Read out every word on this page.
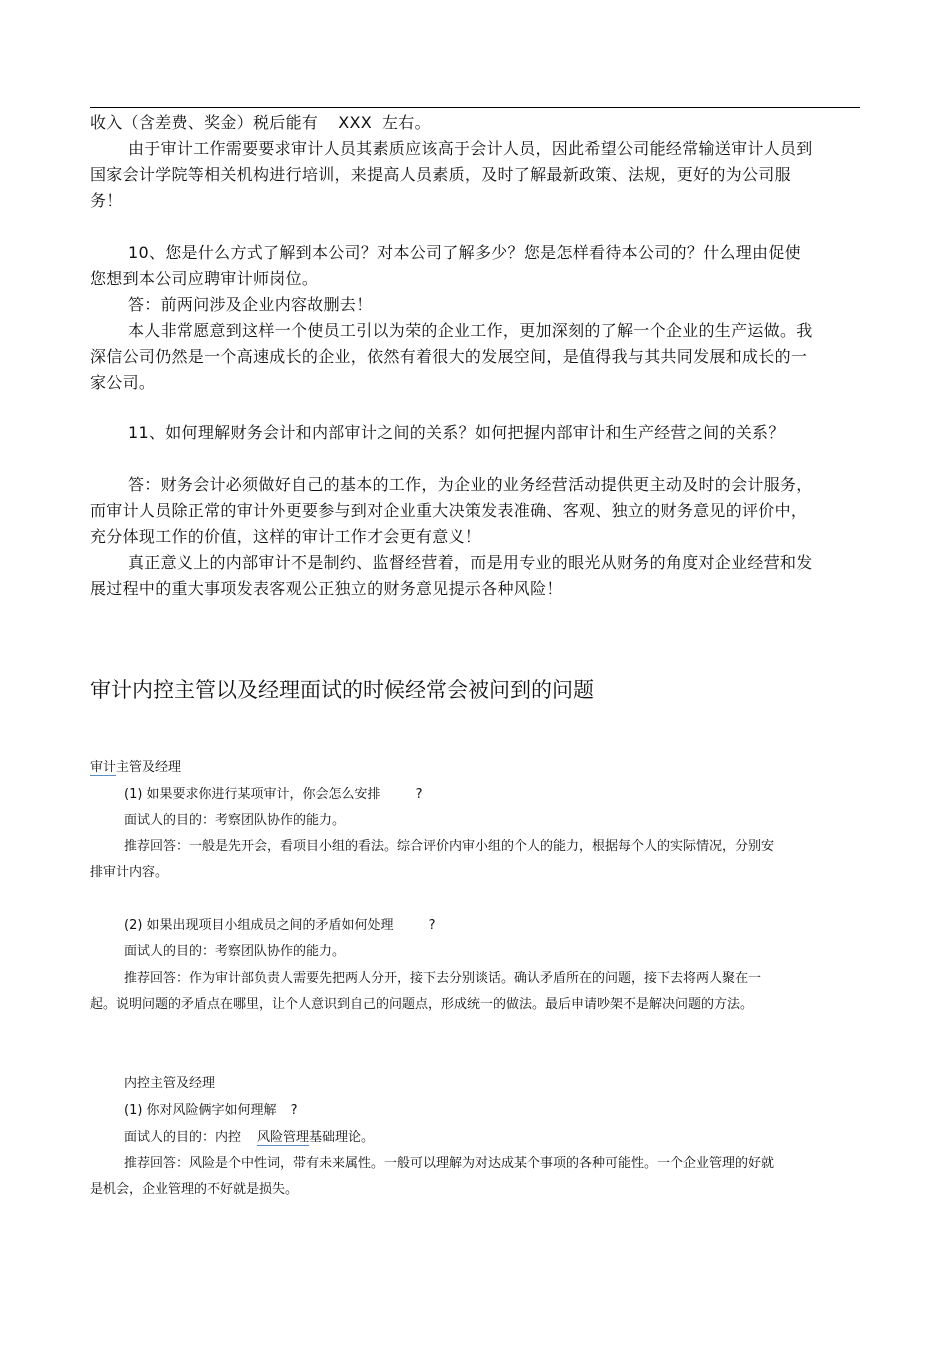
收入（含差费、奖金）税后能有 XXX 左右。

由于审计工作需要要求审计人员其素质应该高于会计人员，因此希望公司能经常输送审计人员到国家会计学院等相关机构进行培训，来提高人员素质，及时了解最新政策、法规，更好的为公司服务！

10、您是什么方式了解到本公司？对本公司了解多少？您是怎样看待本公司的？什么理由促使您想到本公司应聘审计师岗位。

答：前两问涉及企业内容故删去！

本人非常愿意到这样一个使员工引以为荣的企业工作，更加深刻的了解一个企业的生产运做。我深信公司仍然是一个高速成长的企业，依然有着很大的发展空间，是值得我与其共同发展和成长的一家公司。

11、如何理解财务会计和内部审计之间的关系？如何把握内部审计和生产经营之间的关系？

答：财务会计必须做好自己的基本的工作，为企业的业务经营活动提供更主动及时的会计服务，而审计人员除正常的审计外更要参与到对企业重大决策发表准确、客观、独立的财务意见的评价中，充分体现工作的价值，这样的审计工作才会更有意义！

真正意义上的内部审计不是制约、监督经营着，而是用专业的眼光从财务的角度对企业经营和发展过程中的重大事项发表客观公正独立的财务意见提示各种风险！

审计内控主管以及经理面试的时候经常会被问到的问题

审计主管及经理

(1) 如果要求你进行某项审计，你会怎么安排	?

面试人的目的：考察团队协作的能力。

推荐回答：一般是先开会，看项目小组的看法。综合评价内审小组的个人的能力，根据每个人的实际情况，分别安排审计内容。

(2) 如果出现项目小组成员之间的矛盾如何处理	?

面试人的目的：考察团队协作的能力。

推荐回答：作为审计部负责人需要先把两人分开，接下去分别谈话。确认矛盾所在的问题，接下去将两人聚在一起。说明问题的矛盾点在哪里，让个人意识到自己的问题点，形成统一的做法。最后申请吵架不是解决问题的方法。

内控主管及经理

(1) 你对风险俩字如何理解 ?

面试人的目的：内控 风险管理基础理论。

推荐回答：风险是个中性词，带有未来属性。一般可以理解为对达成某个事项的各种可能性。一个企业管理的好就是机会，企业管理的不好就是损失。
